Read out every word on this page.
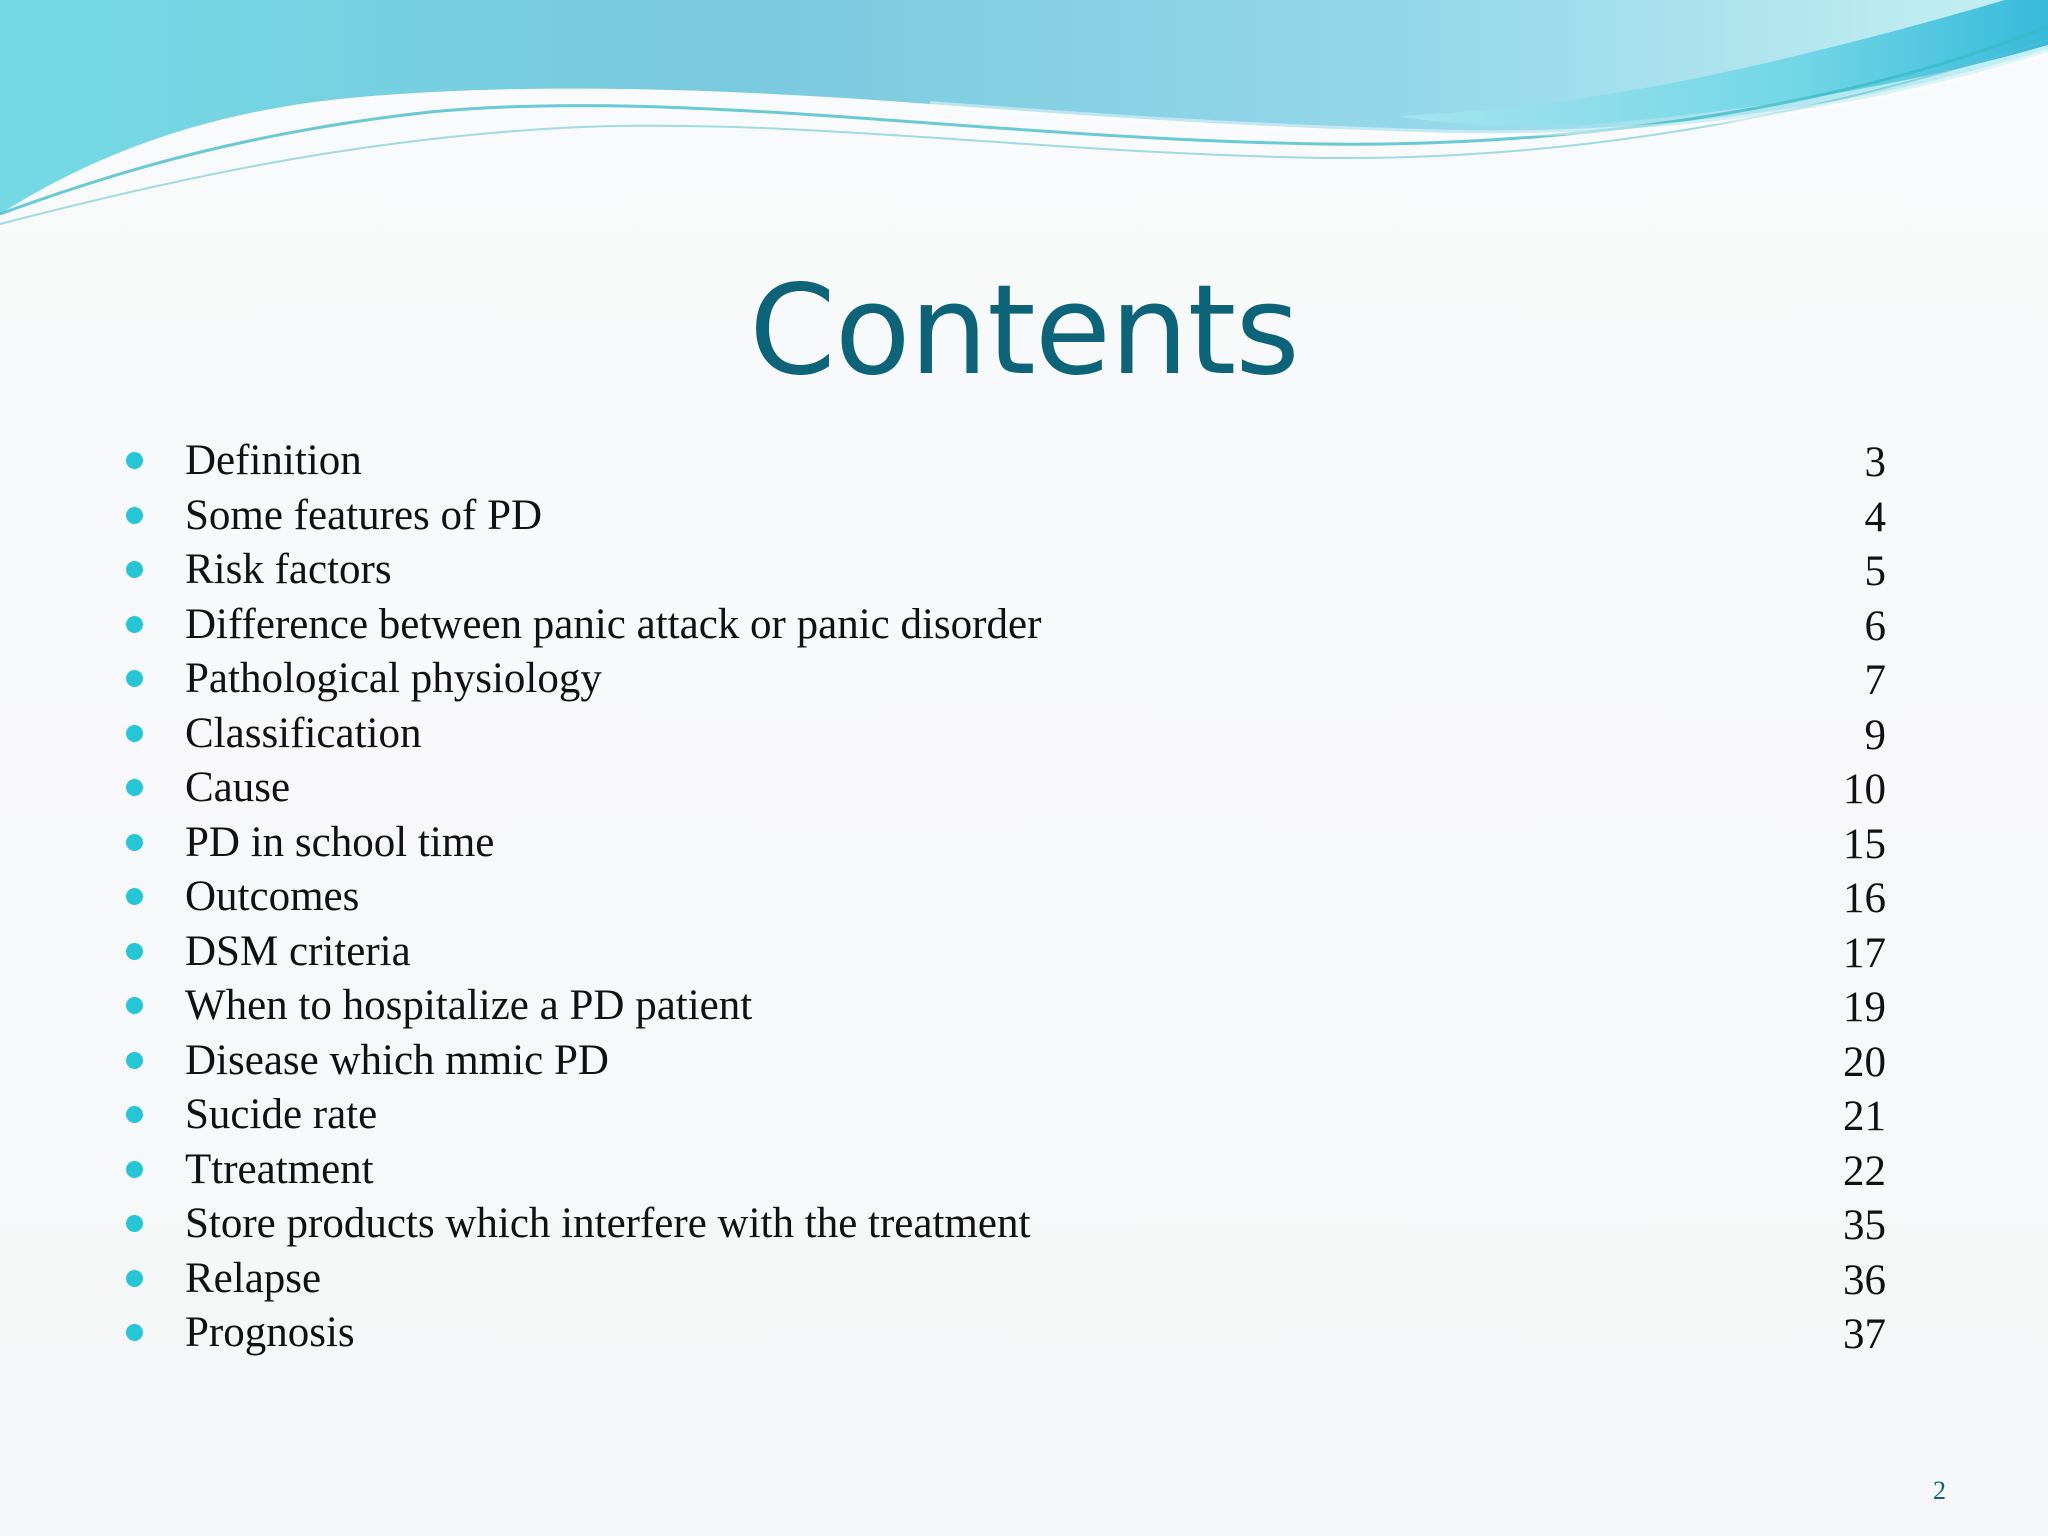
Contents
Definition	3
Some features of PD	4
Risk factors	5
Difference between panic attack or panic disorder	6
Pathological physiology	7
Classification	9
Cause	10
PD in school time	15
Outcomes	16
DSM criteria	17
When to hospitalize a PD patient	19
Disease which mmic PD	20
Sucide rate	21
Ttreatment	22
Store products which interfere with the treatment	35
Relapse	36
Prognosis	37
2
